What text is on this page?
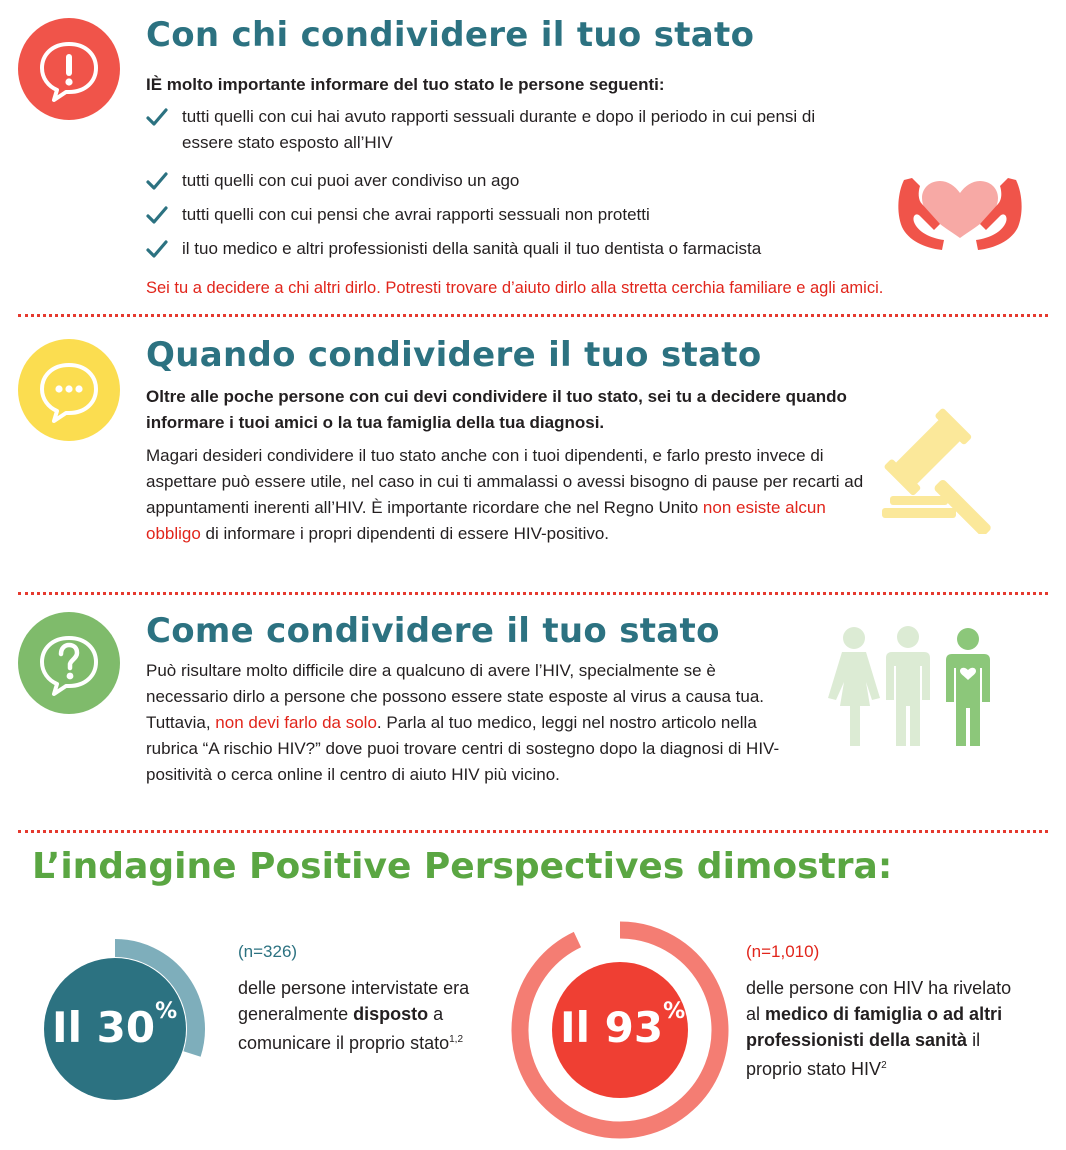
Con chi condividere il tuo stato

IÈ molto importante informare del tuo stato le persone seguenti:

tutti quelli con cui hai avuto rapporti sessuali durante e dopo il periodo in cui pensi di essere stato esposto all’HIV
tutti quelli con cui puoi aver condiviso un ago
tutti quelli con cui pensi che avrai rapporti sessuali non protetti
il tuo medico e altri professionisti della sanità quali il tuo dentista o farmacista

Sei tu a decidere a chi altri dirlo. Potresti trovare d’aiuto dirlo alla stretta cerchia familiare e agli amici.

Quando condividere il tuo stato

Oltre alle poche persone con cui devi condividere il tuo stato, sei tu a decidere quando informare i tuoi amici o la tua famiglia della tua diagnosi.

Magari desideri condividere il tuo stato anche con i tuoi dipendenti, e farlo presto invece di aspettare può essere utile, nel caso in cui ti ammalassi o avessi bisogno di pause per recarti ad appuntamenti inerenti all’HIV. È importante ricordare che nel Regno Unito non esiste alcun obbligo di informare i propri dipendenti di essere HIV-positivo.

Come condividere il tuo stato

Può risultare molto difficile dire a qualcuno di avere l’HIV, specialmente se è necessario dirlo a persone che possono essere state esposte al virus a causa tua. Tuttavia, non devi farlo da solo. Parla al tuo medico, leggi nel nostro articolo nella rubrica “A rischio HIV?” dove puoi trovare centri di sostegno dopo la diagnosi di HIV-positività o cerca online il centro di aiuto HIV più vicino.

L’indagine Positive Perspectives dimostra:
Il 30%

(n=326)

delle persone intervistate era generalmente disposto a comunicare il proprio stato$^{1,2}$	Il 93%

(n=1,010)

delle persone con HIV ha rivelato al medico di famiglia o ad altri professionisti della sanità il proprio stato HIV$^2$
